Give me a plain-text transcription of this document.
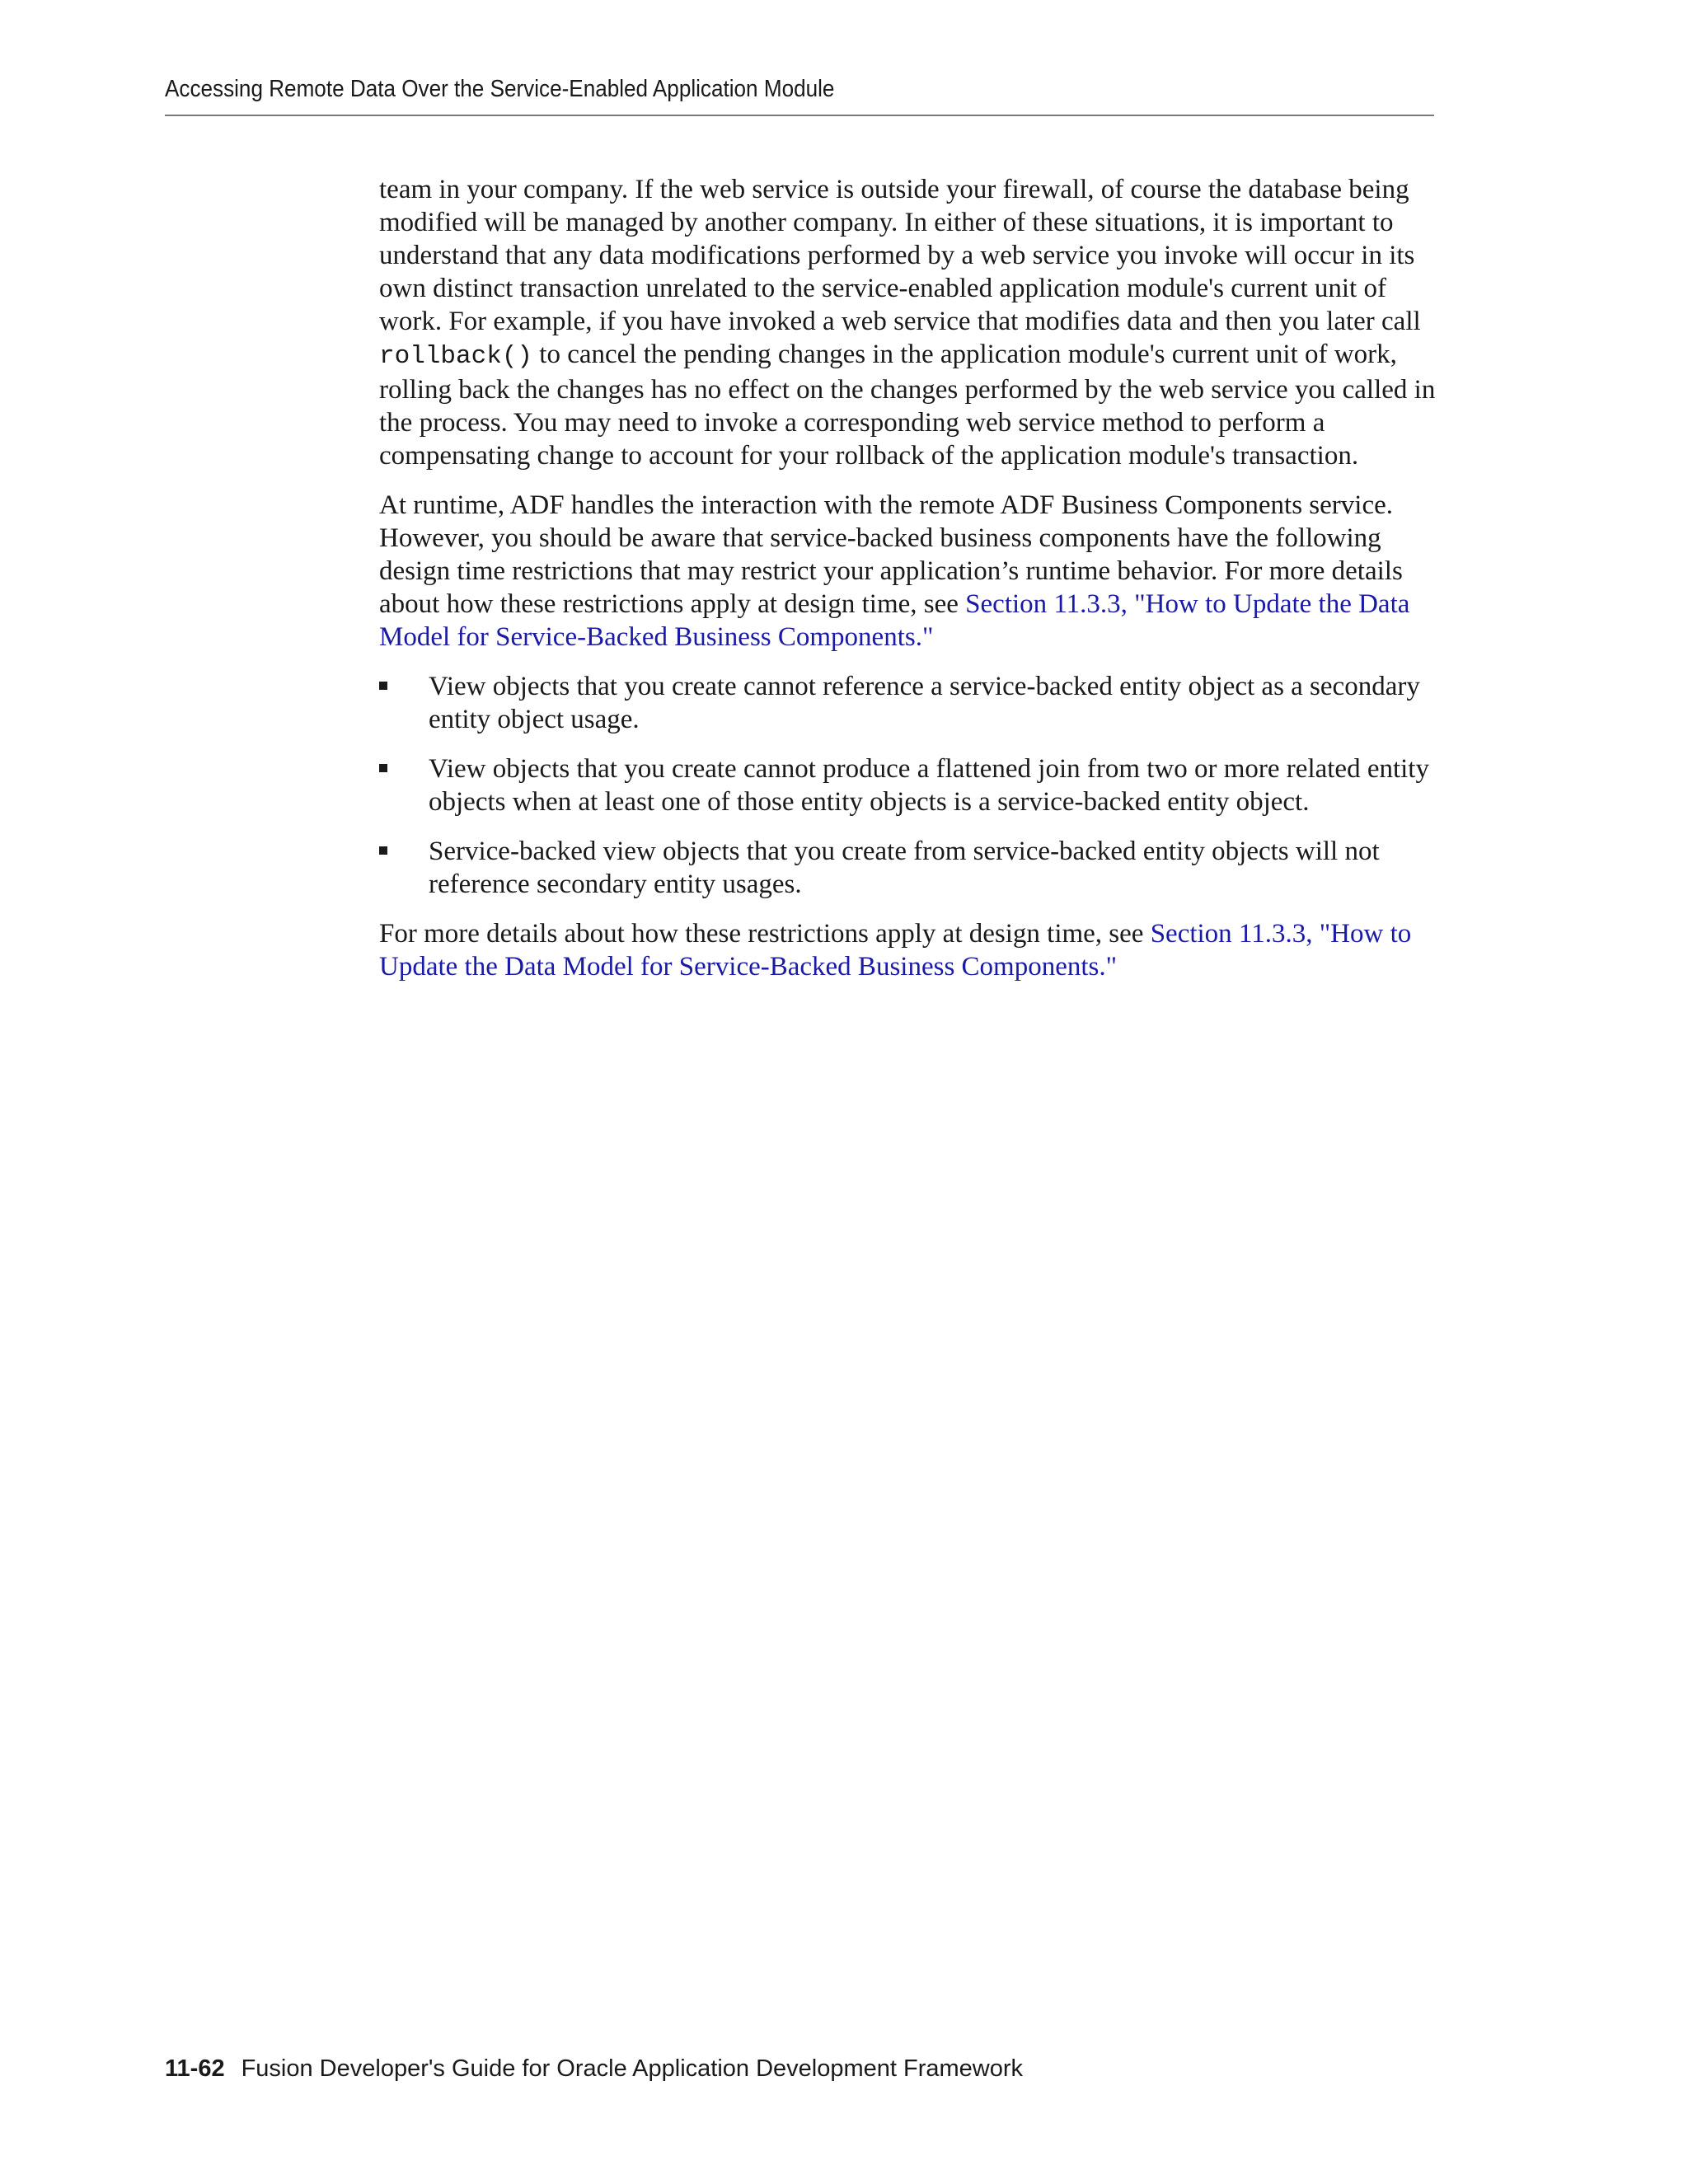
Accessing Remote Data Over the Service-Enabled Application Module

team in your company. If the web service is outside your firewall, of course the database being modified will be managed by another company. In either of these situations, it is important to understand that any data modifications performed by a web service you invoke will occur in its own distinct transaction unrelated to the service-enabled application module's current unit of work. For example, if you have invoked a web service that modifies data and then you later call rollback() to cancel the pending changes in the application module's current unit of work, rolling back the changes has no effect on the changes performed by the web service you called in the process. You may need to invoke a corresponding web service method to perform a compensating change to account for your rollback of the application module's transaction.

At runtime, ADF handles the interaction with the remote ADF Business Components service. However, you should be aware that service-backed business components have the following design time restrictions that may restrict your application’s runtime behavior. For more details about how these restrictions apply at design time, see Section 11.3.3, "How to Update the Data Model for Service-Backed Business Components."

View objects that you create cannot reference a service-backed entity object as a secondary entity object usage.
View objects that you create cannot produce a flattened join from two or more related entity objects when at least one of those entity objects is a service-backed entity object.
Service-backed view objects that you create from service-backed entity objects will not reference secondary entity usages.

For more details about how these restrictions apply at design time, see Section 11.3.3, "How to Update the Data Model for Service-Backed Business Components."

11-62 Fusion Developer's Guide for Oracle Application Development Framework
